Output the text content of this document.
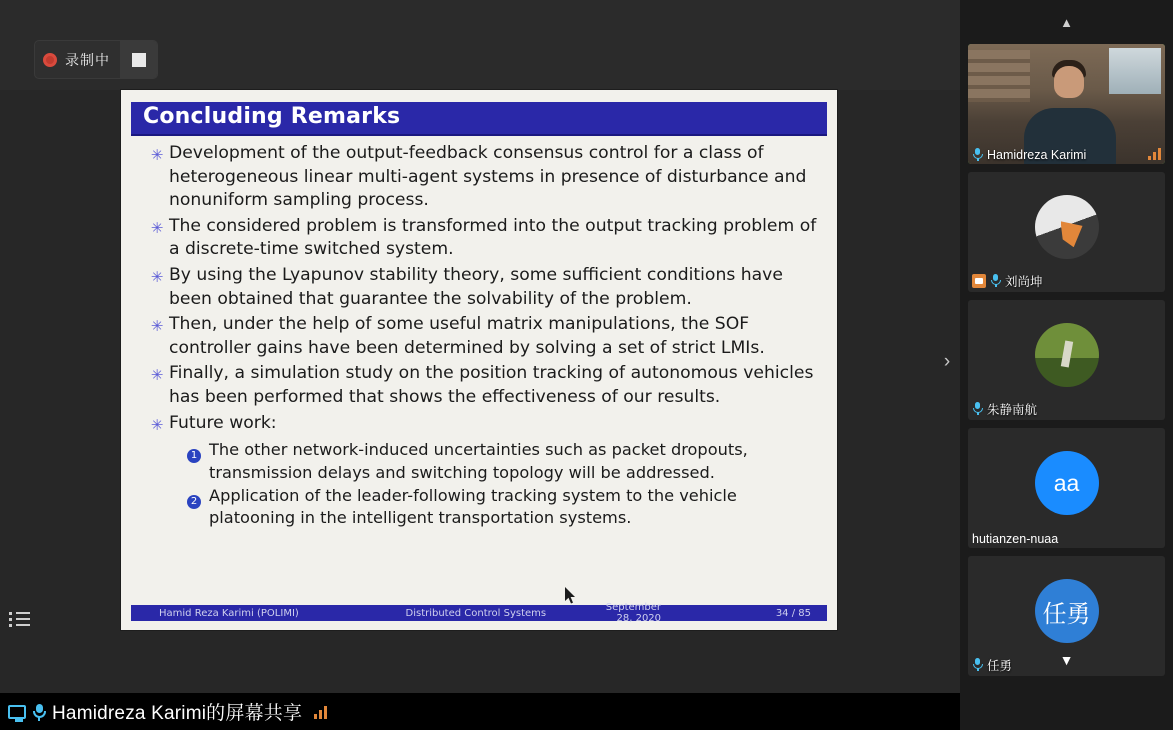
录制中
Concluding Remarks
✳ Development of the output-feedback consensus control for a class of heterogeneous linear multi-agent systems in presence of disturbance and nonuniform sampling process.
✳ The considered problem is transformed into the output tracking problem of a discrete-time switched system.
✳ By using the Lyapunov stability theory, some sufficient conditions have been obtained that guarantee the solvability of the problem.
✳ Then, under the help of some useful matrix manipulations, the SOF controller gains have been determined by solving a set of strict LMIs.
✳ Finally, a simulation study on the position tracking of autonomous vehicles has been performed that shows the effectiveness of our results.
✳ Future work:
1 The other network-induced uncertainties such as packet dropouts, transmission delays and switching topology will be addressed.
2 Application of the leader-following tracking system to the vehicle platooning in the intelligent transportation systems.
Hamid Reza Karimi (POLIMI)	Distributed Control Systems	September 28, 2020	34 / 85
Hamidreza Karimi的屏幕共享
›
▲
Hamidreza Karimi
刘尚坤
朱静南航
aa
hutianzen-nuaa
任勇
任勇	▼
